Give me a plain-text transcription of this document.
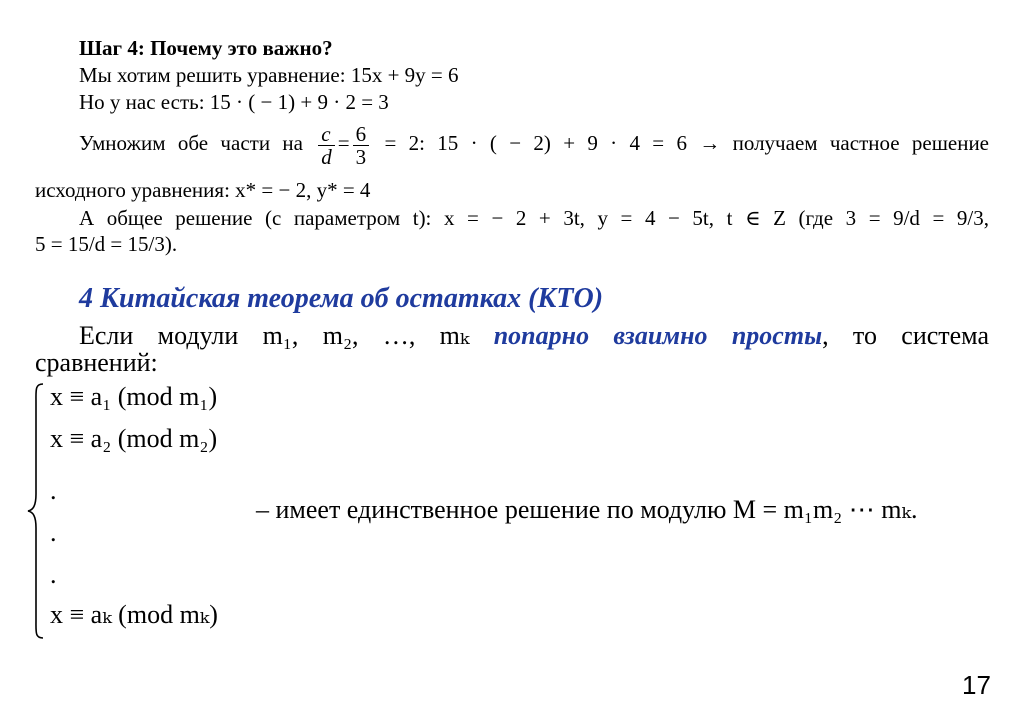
Шаг 4: Почему это важно?
Мы хотим решить уравнение: 15x + 9y = 6
Но у нас есть: 15 · ( − 1) + 9 · 2 = 3
Умножим обе части на $\frac{c}{d} = \frac{6}{3} = 2$: 15 · ( − 2) + 9 · 4 = 6 → получаем частное решение
исходного уравнения: x* = − 2, y* = 4
А общее решение (с параметром t): x = − 2 + 3t, y = 4 − 5t, t ∈ Z (где 3 = 9/d = 9/3,
5 = 15/d = 15/3).
4 Китайская теорема об остатках (КТО)
Если модули m₁, m₂, …, mₖ попарно взаимно просты, то система
сравнений:
x ≡ a₁ (mod m₁)
x ≡ a₂ (mod m₂)
.
.
.
x ≡ aₖ (mod mₖ)
– имеет единственное решение по модулю M = m₁m₂ ⋯ mₖ.
17
